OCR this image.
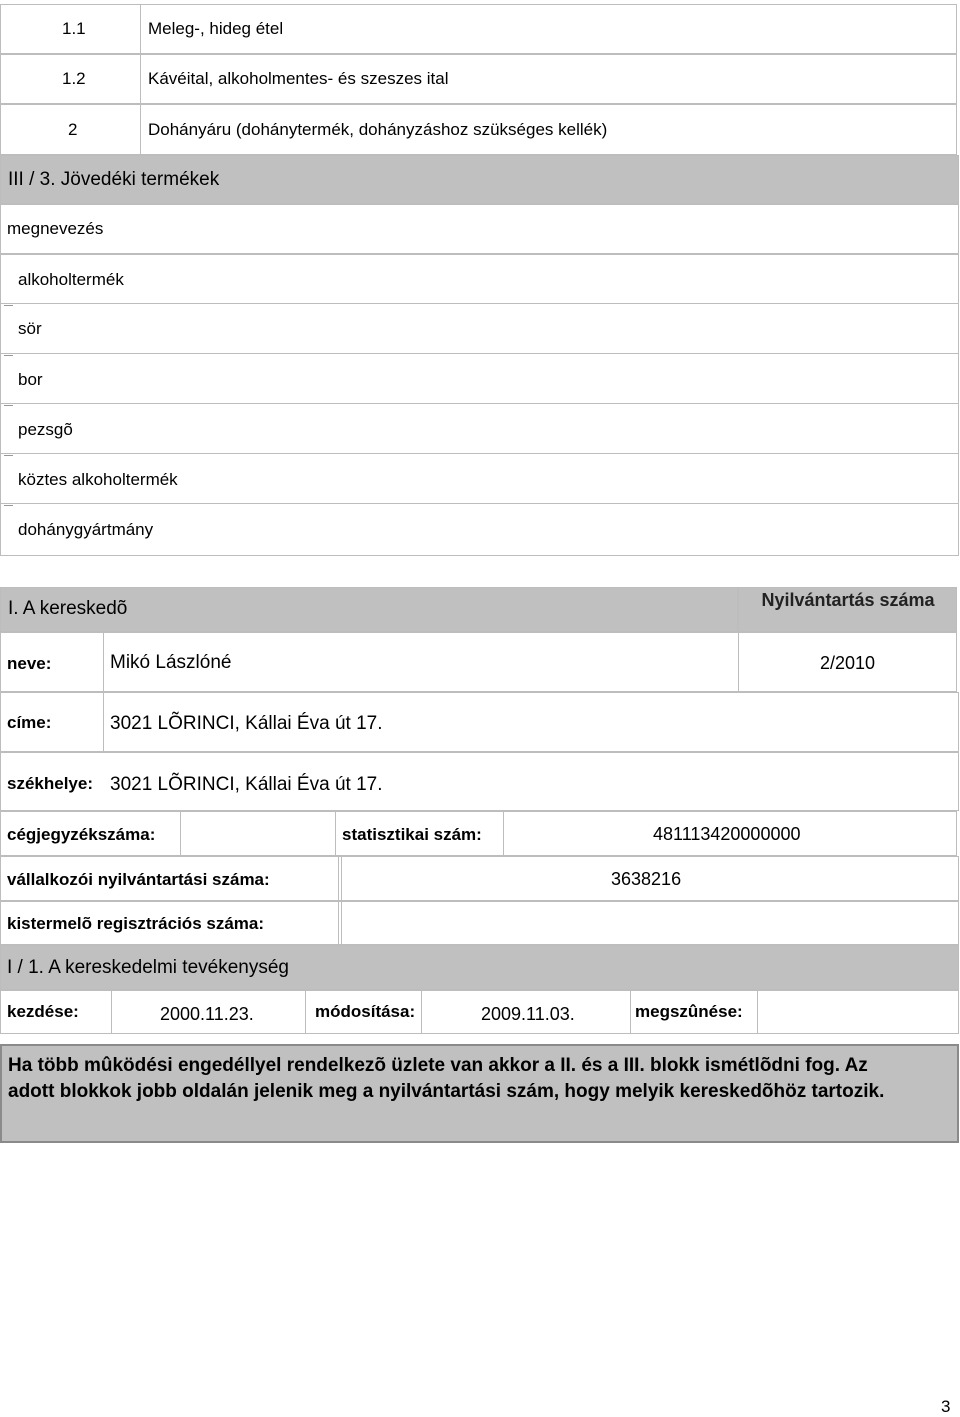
1.1	Meleg-, hideg étel
1.2	Kávéital, alkoholmentes- és szeszes ital
2	Dohányáru (dohánytermék, dohányzáshoz szükséges kellék)
III / 3. Jövedéki termékek
megnevezés
alkoholtermék
sör
bor
pezsgõ
köztes alkoholtermék
dohánygyártmány
I. A kereskedõ	Nyilvántartás száma
neve:	Mikó Lászlóné	2/2010
címe:	3021 LÕRINCI, Kállai Éva út 17.
székhelye: 3021 LÕRINCI, Kállai Éva út 17.
cégjegyzékszáma:	statisztikai szám:	481113420000000
vállalkozói nyilvántartási száma:	3638216
kistermelõ regisztrációs száma:
I / 1. A kereskedelmi tevékenység
kezdése:	2000.11.23.	módosítása:	2009.11.03.	megszûnése:
Ha több mûködési engedéllyel rendelkezõ üzlete van akkor a II. és a III. blokk ismétlõdni fog. Az adott blokkok jobb oldalán jelenik meg a nyilvántartási szám, hogy melyik kereskedõhöz tartozik.
3
